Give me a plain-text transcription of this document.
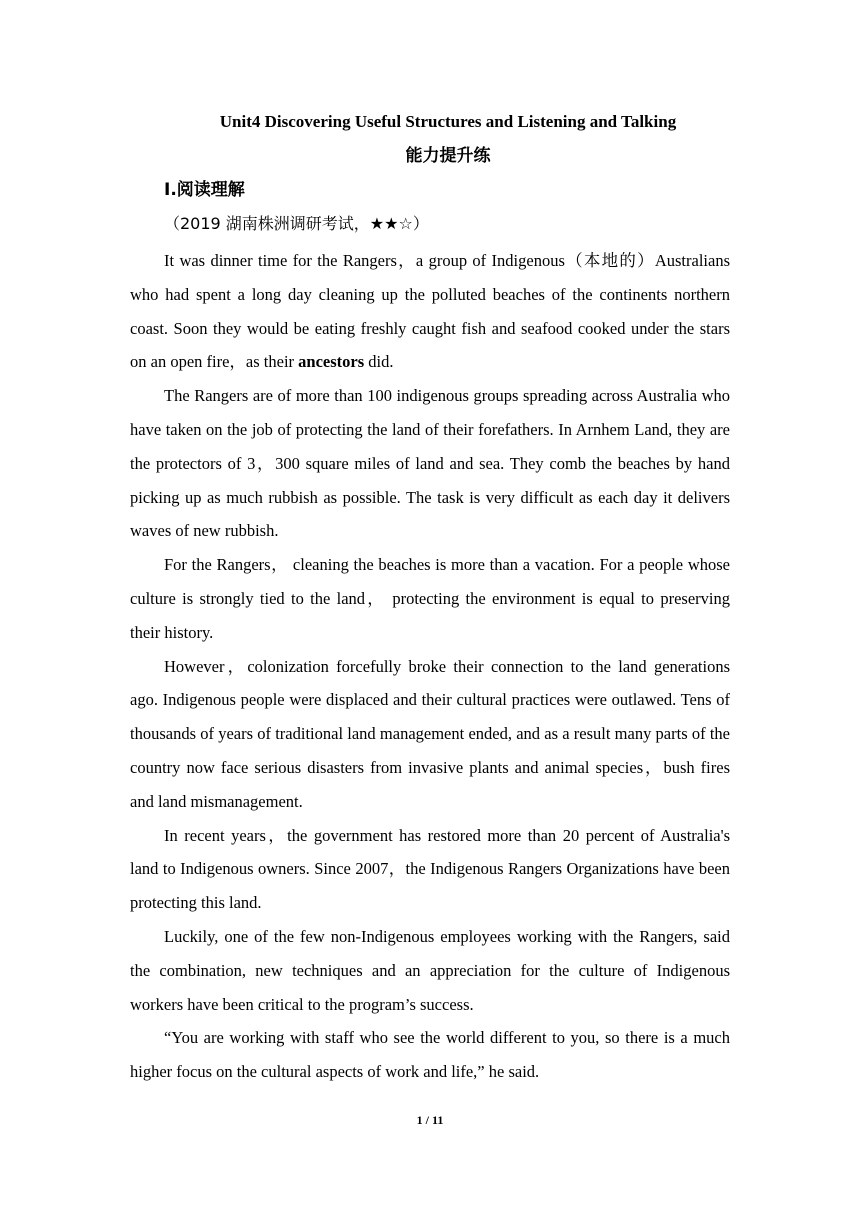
Unit4 Discovering Useful Structures and Listening and Talking
能力提升练
I.阅读理解
（2019 湖南株洲调研考试，★★☆）

It was dinner time for the Rangers，a group of Indigenous（本地的）Australians who had spent a long day cleaning up the polluted beaches of the continents northern coast. Soon they would be eating freshly caught fish and seafood cooked under the stars on an open fire，as their ancestors did.

The Rangers are of more than 100 indigenous groups spreading across Australia who have taken on the job of protecting the land of their forefathers. In Arnhem Land, they are the protectors of 3，300 square miles of land and sea. They comb the beaches by hand picking up as much rubbish as possible. The task is very difficult as each day it delivers waves of new rubbish.

For the Rangers， cleaning the beaches is more than a vacation. For a people whose culture is strongly tied to the land， protecting the environment is equal to preserving their history.

However，colonization forcefully broke their connection to the land generations ago. Indigenous people were displaced and their cultural practices were outlawed. Tens of thousands of years of traditional land management ended, and as a result many parts of the country now face serious disasters from invasive plants and animal species，bush fires and land mismanagement.

In recent years，the government has restored more than 20 percent of Australia's land to Indigenous owners. Since 2007，the Indigenous Rangers Organizations have been protecting this land.

Luckily, one of the few non-Indigenous employees working with the Rangers, said the combination, new techniques and an appreciation for the culture of Indigenous workers have been critical to the program’s success.

“You are working with staff who see the world different to you, so there is a much higher focus on the cultural aspects of work and life,” he said.

1 / 11
